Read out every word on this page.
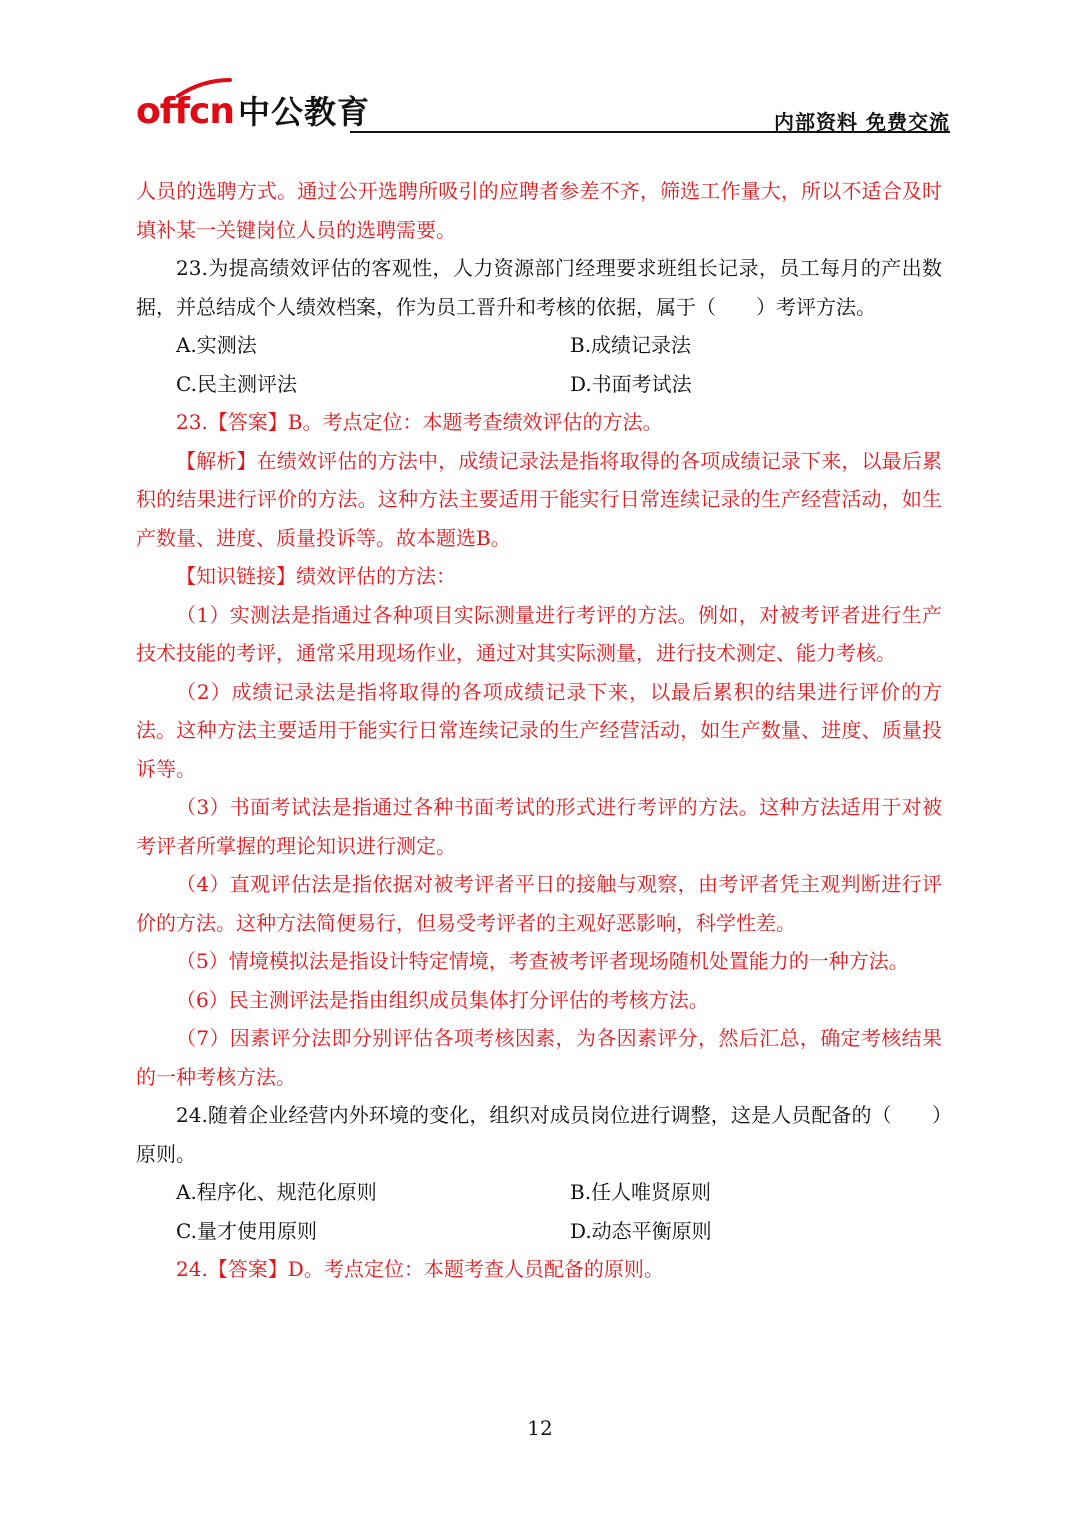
offcn 中公教育	内部资料 免费交流

人员的选聘方式。通过公开选聘所吸引的应聘者参差不齐，筛选工作量大，所以不适合及时填补某一关键岗位人员的选聘需要。

23.为提高绩效评估的客观性，人力资源部门经理要求班组长记录，员工每月的产出数据，并总结成个人绩效档案，作为员工晋升和考核的依据，属于（　　）考评方法。

A.实测法	B.成绩记录法
C.民主测评法	D.书面考试法

23.【答案】B。考点定位：本题考查绩效评估的方法。

【解析】在绩效评估的方法中，成绩记录法是指将取得的各项成绩记录下来，以最后累积的结果进行评价的方法。这种方法主要适用于能实行日常连续记录的生产经营活动，如生产数量、进度、质量投诉等。故本题选B。

【知识链接】绩效评估的方法：

（1）实测法是指通过各种项目实际测量进行考评的方法。例如，对被考评者进行生产技术技能的考评，通常采用现场作业，通过对其实际测量，进行技术测定、能力考核。

（2）成绩记录法是指将取得的各项成绩记录下来，以最后累积的结果进行评价的方法。这种方法主要适用于能实行日常连续记录的生产经营活动，如生产数量、进度、质量投诉等。

（3）书面考试法是指通过各种书面考试的形式进行考评的方法。这种方法适用于对被考评者所掌握的理论知识进行测定。

（4）直观评估法是指依据对被考评者平日的接触与观察，由考评者凭主观判断进行评价的方法。这种方法简便易行，但易受考评者的主观好恶影响，科学性差。

（5）情境模拟法是指设计特定情境，考查被考评者现场随机处置能力的一种方法。

（6）民主测评法是指由组织成员集体打分评估的考核方法。

（7）因素评分法即分别评估各项考核因素，为各因素评分，然后汇总，确定考核结果的一种考核方法。

24.随着企业经营内外环境的变化，组织对成员岗位进行调整，这是人员配备的（　　）原则。

A.程序化、规范化原则	B.任人唯贤原则
C.量才使用原则	D.动态平衡原则

24.【答案】D。考点定位：本题考查人员配备的原则。

12
